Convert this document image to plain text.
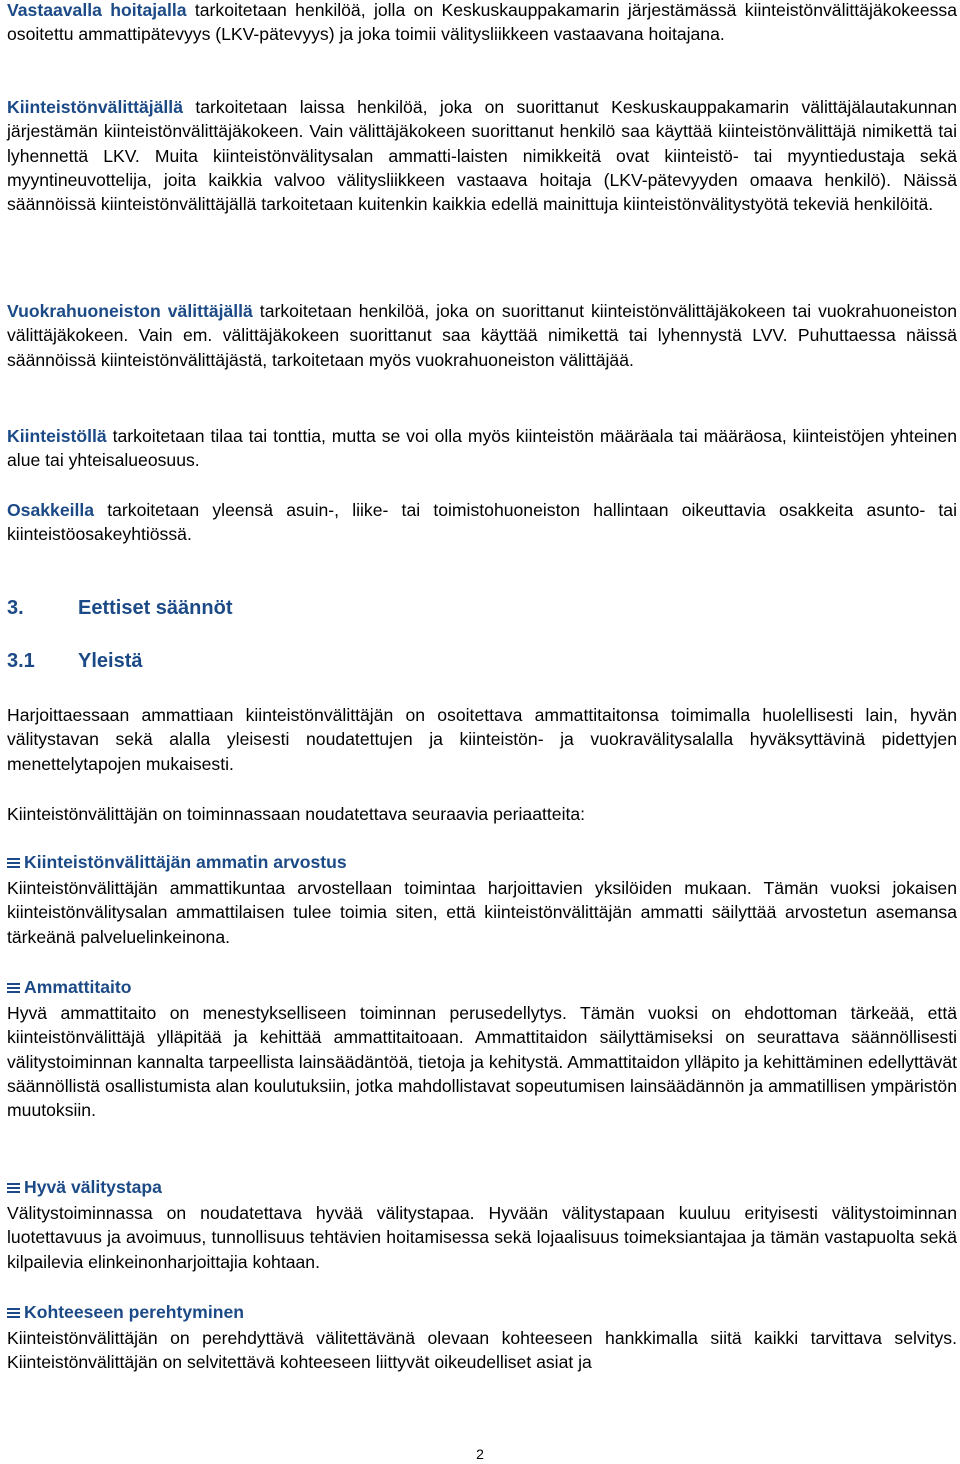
Vastaavalla hoitajalla tarkoitetaan henkilöä, jolla on Keskuskauppakamarin järjestämässä kiinteistönvälittäjäkokeessa osoitettu ammattipätevyys (LKV-pätevyys) ja joka toimii välitysliikkeen vastaavana hoitajana.

Kiinteistönvälittäjällä tarkoitetaan laissa henkilöä, joka on suorittanut Keskuskauppakamarin välittäjälautakunnan järjestämän kiinteistönvälittäjäkokeen. Vain välittäjäkokeen suorittanut henkilö saa käyttää kiinteistönvälittäjä nimikettä tai lyhennettä LKV. Muita kiinteistönvälitysalan ammatti-laisten nimikkeitä ovat kiinteistö- tai myyntiedustaja sekä myyntineuvottelija, joita kaikkia valvoo välitysliikkeen vastaava hoitaja (LKV-pätevyyden omaava henkilö). Näissä säännöissä kiinteistönvälittäjällä tarkoitetaan kuitenkin kaikkia edellä mainittuja kiinteistönvälitystyötä tekeviä henkilöitä.

Vuokrahuoneiston välittäjällä tarkoitetaan henkilöä, joka on suorittanut kiinteistönvälittäjäkokeen tai vuokrahuoneiston välittäjäkokeen. Vain em. välittäjäkokeen suorittanut saa käyttää nimikettä tai lyhennystä LVV. Puhuttaessa näissä säännöissä kiinteistönvälittäjästä, tarkoitetaan myös vuokrahuoneiston välittäjää.

Kiinteistöllä tarkoitetaan tilaa tai tonttia, mutta se voi olla myös kiinteistön määräala tai määräosa, kiinteistöjen yhteinen alue tai yhteisalueosuus.

Osakkeilla tarkoitetaan yleensä asuin-, liike- tai toimistohuoneiston hallintaan oikeuttavia osakkeita asunto- tai kiinteistöosakeyhtiössä.

3.	Eettiset säännöt
3.1 Yleistä

Harjoittaessaan ammattiaan kiinteistönvälittäjän on osoitettava ammattitaitonsa toimimalla huolellisesti lain, hyvän välitystavan sekä alalla yleisesti noudatettujen ja kiinteistön- ja vuokravälitysalalla hyväksyttävinä pidettyjen menettelytapojen mukaisesti.

Kiinteistönvälittäjän on toiminnassaan noudatettava seuraavia periaatteita:

Kiinteistönvälittäjän ammatin arvostus

Kiinteistönvälittäjän ammattikuntaa arvostellaan toimintaa harjoittavien yksilöiden mukaan. Tämän vuoksi jokaisen kiinteistönvälitysalan ammattilaisen tulee toimia siten, että kiinteistönvälittäjän ammatti säilyttää arvostetun asemansa tärkeänä palveluelinkeinona.

Ammattitaito

Hyvä ammattitaito on menestykselliseen toiminnan perusedellytys. Tämän vuoksi on ehdottoman tärkeää, että kiinteistönvälittäjä ylläpitää ja kehittää ammattitaitoaan. Ammattitaidon säilyttämiseksi on seurattava säännöllisesti välitystoiminnan kannalta tarpeellista lainsäädäntöä, tietoja ja kehitystä. Ammattitaidon ylläpito ja kehittäminen edellyttävät säännöllistä osallistumista alan koulutuksiin, jotka mahdollistavat sopeutumisen lainsäädännön ja ammatillisen ympäristön muutoksiin.

Hyvä välitystapa

Välitystoiminnassa on noudatettava hyvää välitystapaa. Hyvään välitystapaan kuuluu erityisesti välitystoiminnan luotettavuus ja avoimuus, tunnollisuus tehtävien hoitamisessa sekä lojaalisuus toimeksiantajaa ja tämän vastapuolta sekä kilpailevia elinkeinonharjoittajia kohtaan.

Kohteeseen perehtyminen

Kiinteistönvälittäjän on perehdyttävä välitettävänä olevaan kohteeseen hankkimalla siitä kaikki tarvittava selvitys. Kiinteistönvälittäjän on selvitettävä kohteeseen liittyvät oikeudelliset asiat ja

2
